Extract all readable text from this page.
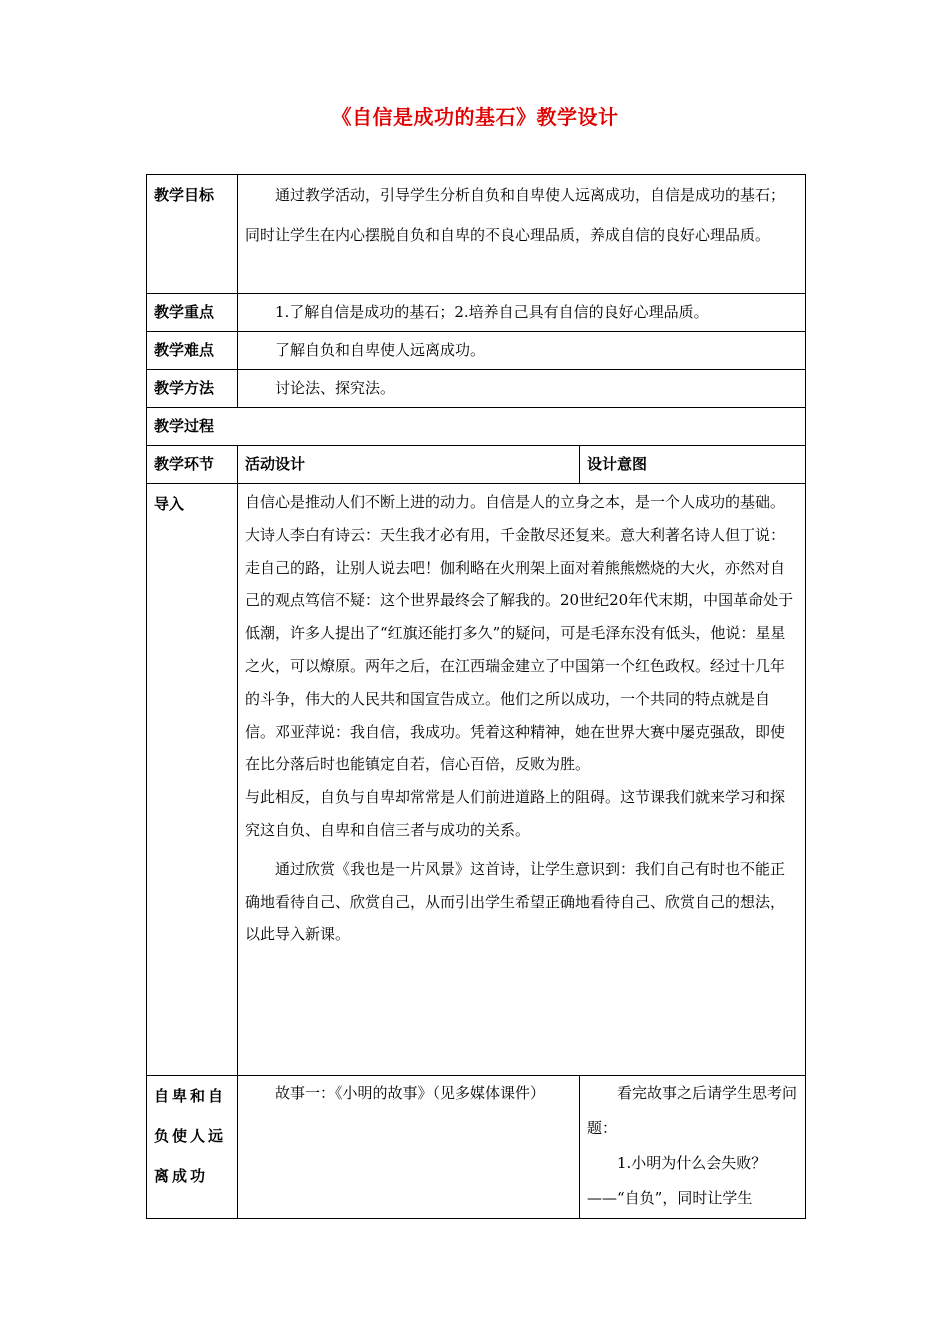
《自信是成功的基石》教学设计
教学目标	通过教学活动，引导学生分析自负和自卑使人远离成功，自信是成功的基石；同时让学生在内心摆脱自负和自卑的不良心理品质，养成自信的良好心理品质。	

教学重点	1.了解自信是成功的基石；2.培养自己具有自信的良好心理品质。	

教学难点	了解自负和自卑使人远离成功。	

教学方法	讨论法、探究法。	

教学过程		
教学环节	活动设计	设计意图
导入	自信心是推动人们不断上进的动力。自信是人的立身之本，是一个人成功的基础。大诗人李白有诗云：天生我才必有用，千金散尽还复来。意大利著名诗人但丁说：走自己的路，让别人说去吧！伽利略在火刑架上面对着熊熊燃烧的大火，亦然对自己的观点笃信不疑：这个世界最终会了解我的。20世纪20年代末期，中国革命处于低潮，许多人提出了“红旗还能打多久”的疑问，可是毛泽东没有低头，他说：星星之火，可以燎原。两年之后，在江西瑞金建立了中国第一个红色政权。经过十几年的斗争，伟大的人民共和国宣告成立。他们之所以成功，一个共同的特点就是自信。邓亚萍说：我自信，我成功。凭着这种精神，她在世界大赛中屡克强敌，即使在比分落后时也能镇定自若，信心百倍，反败为胜。

与此相反，自负与自卑却常常是人们前进道路上的阻碍。这节课我们就来学习和探究这自负、自卑和自信三者与成功的关系。

通过欣赏《我也是一片风景》这首诗，让学生意识到：我们自己有时也不能正确地看待自己、欣赏自己，从而引出学生希望正确地看待自己、欣赏自己的想法，以此导入新课。	

自卑和自负使人远离成功	故事一：《小明的故事》（见多媒体课件）	看完故事之后请学生思考问题：

1.小明为什么会失败？

——“自负”，同时让学生
